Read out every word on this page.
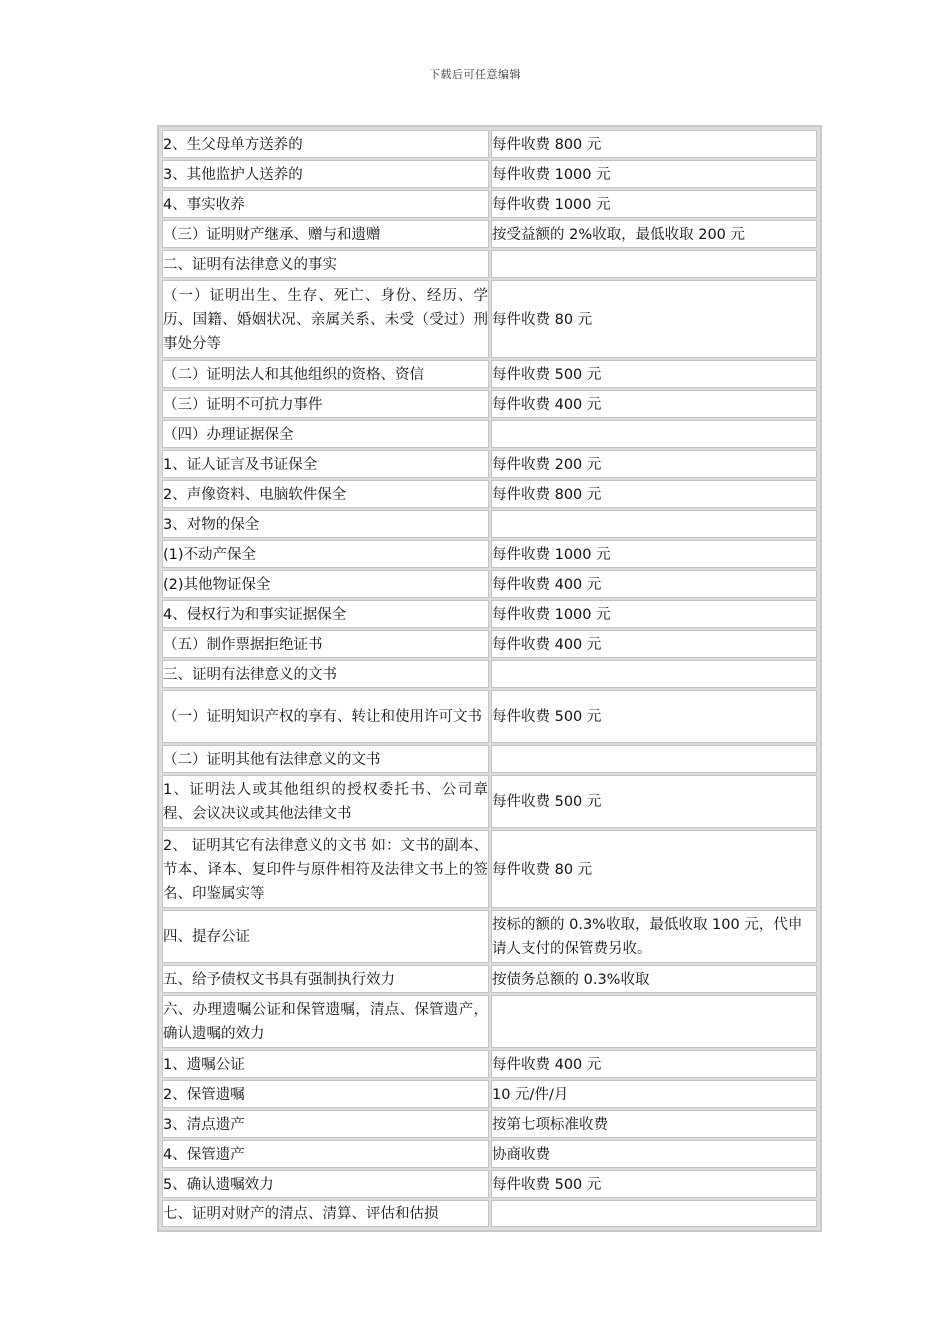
下载后可任意编辑
2、生父母单方送养的	每件收费 800 元
3、其他监护人送养的	每件收费 1000 元
4、事实收养	每件收费 1000 元
（三）证明财产继承、赠与和遗赠	按受益额的 2%收取，最低收取 200 元
二、证明有法律意义的事实	
（一）证明出生、生存、死亡、身份、经历、学历、国籍、婚姻状况、亲属关系、未受（受过）刑事处分等	每件收费 80 元
（二）证明法人和其他组织的资格、资信	每件收费 500 元
（三）证明不可抗力事件	每件收费 400 元
（四）办理证据保全	
1、证人证言及书证保全	每件收费 200 元
2、声像资料、电脑软件保全	每件收费 800 元
3、对物的保全	
(1)不动产保全	每件收费 1000 元
(2)其他物证保全	每件收费 400 元
4、侵权行为和事实证据保全	每件收费 1000 元
（五）制作票据拒绝证书	每件收费 400 元
三、证明有法律意义的文书	
（一）证明知识产权的享有、转让和使用许可文书	每件收费 500 元
（二）证明其他有法律意义的文书	
1、证明法人或其他组织的授权委托书、公司章程、会议决议或其他法律文书	每件收费 500 元
2、 证明其它有法律意义的文书 如：文书的副本、节本、译本、复印件与原件相符及法律文书上的签名、印鉴属实等	每件收费 80 元
四、提存公证	按标的额的 0.3%收取，最低收取 100 元，代申请人支付的保管费另收。
五、给予债权文书具有强制执行效力	按债务总额的 0.3%收取
六、办理遗嘱公证和保管遗嘱，清点、保管遗产，确认遗嘱的效力	
1、遗嘱公证	每件收费 400 元
2、保管遗嘱	10 元/件/月
3、清点遗产	按第七项标准收费
4、保管遗产	协商收费
5、确认遗嘱效力	每件收费 500 元
七、证明对财产的清点、清算、评估和估损	
